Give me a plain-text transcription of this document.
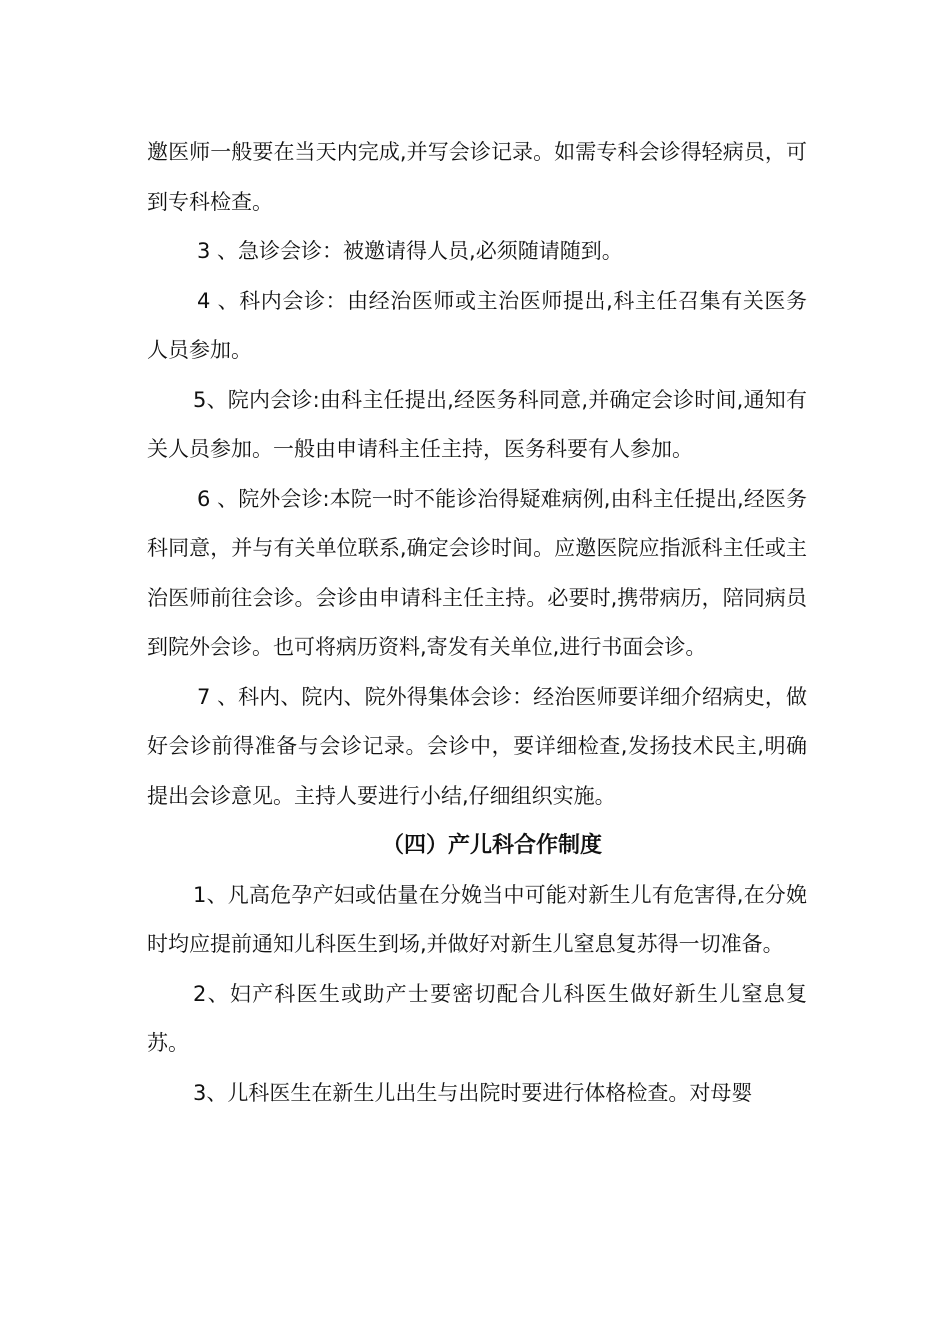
邀医师一般要在当天内完成,并写会诊记录。如需专科会诊得轻病员，可到专科检查。

3 、急诊会诊：被邀请得人员,必须随请随到。

4 、科内会诊：由经治医师或主治医师提出,科主任召集有关医务人员参加。

5、院内会诊:由科主任提出,经医务科同意,并确定会诊时间,通知有关人员参加。一般由申请科主任主持，医务科要有人参加。

6 、院外会诊:本院一时不能诊治得疑难病例,由科主任提出,经医务科同意，并与有关单位联系,确定会诊时间。应邀医院应指派科主任或主治医师前往会诊。会诊由申请科主任主持。必要时,携带病历，陪同病员到院外会诊。也可将病历资料,寄发有关单位,进行书面会诊。

7 、科内、院内、院外得集体会诊：经治医师要详细介绍病史，做好会诊前得准备与会诊记录。会诊中，要详细检查,发扬技术民主,明确提出会诊意见。主持人要进行小结,仔细组织实施。

（四）产儿科合作制度

1、凡高危孕产妇或估量在分娩当中可能对新生儿有危害得,在分娩时均应提前通知儿科医生到场,并做好对新生儿窒息复苏得一切准备。

2、妇产科医生或助产士要密切配合儿科医生做好新生儿窒息复苏。

3、儿科医生在新生儿出生与出院时要进行体格检查。对母婴
